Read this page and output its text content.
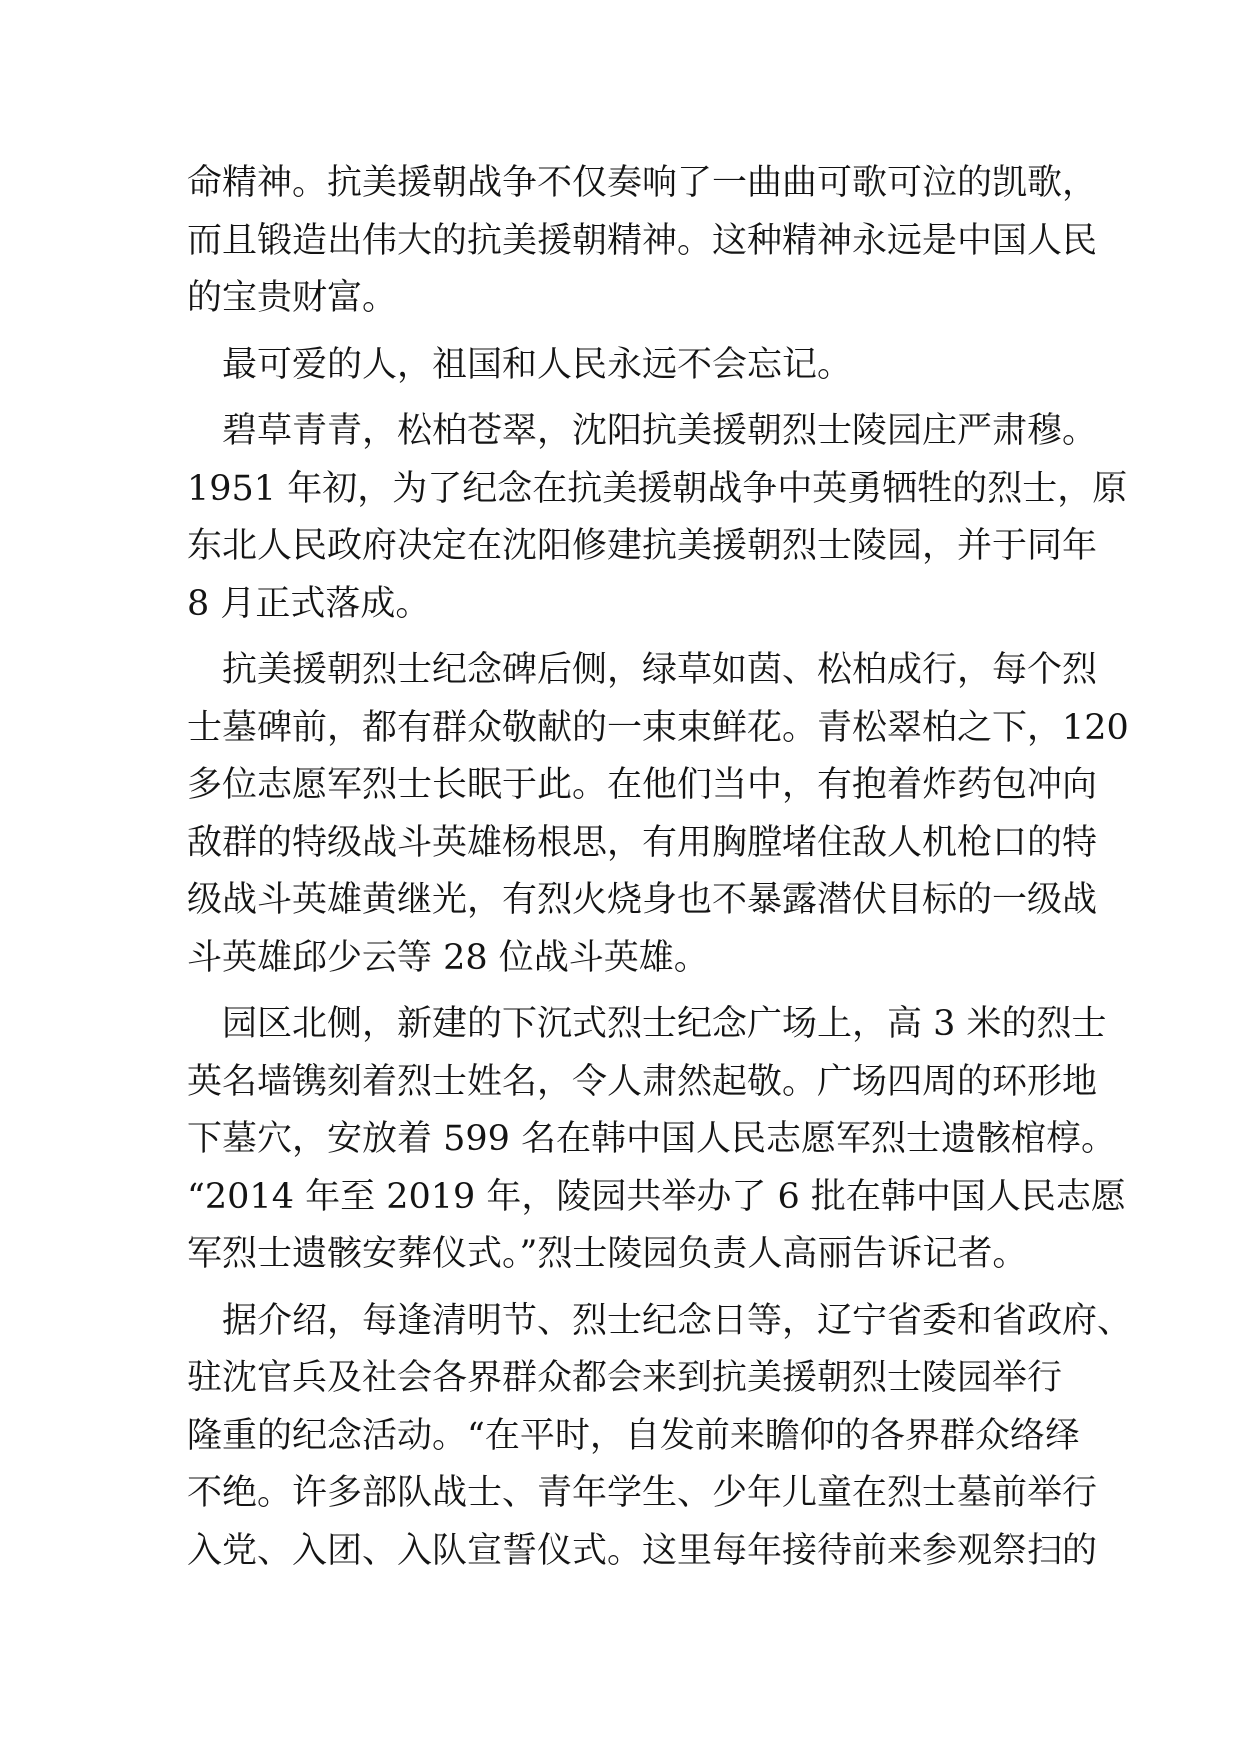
命精神。抗美援朝战争不仅奏响了一曲曲可歌可泣的凯歌，
而且锻造出伟大的抗美援朝精神。这种精神永远是中国人民
的宝贵财富。
最可爱的人，祖国和人民永远不会忘记。
碧草青青，松柏苍翠，沈阳抗美援朝烈士陵园庄严肃穆。
1951 年初，为了纪念在抗美援朝战争中英勇牺牲的烈士，原
东北人民政府决定在沈阳修建抗美援朝烈士陵园，并于同年
8 月正式落成。
抗美援朝烈士纪念碑后侧，绿草如茵、松柏成行，每个烈
士墓碑前，都有群众敬献的一束束鲜花。青松翠柏之下，120
多位志愿军烈士长眠于此。在他们当中，有抱着炸药包冲向
敌群的特级战斗英雄杨根思，有用胸膛堵住敌人机枪口的特
级战斗英雄黄继光，有烈火烧身也不暴露潜伏目标的一级战
斗英雄邱少云等 28 位战斗英雄。
园区北侧，新建的下沉式烈士纪念广场上，高 3 米的烈士
英名墙镌刻着烈士姓名，令人肃然起敬。广场四周的环形地
下墓穴，安放着 599 名在韩中国人民志愿军烈士遗骸棺椁。
“2014 年至 2019 年，陵园共举办了 6 批在韩中国人民志愿
军烈士遗骸安葬仪式。”烈士陵园负责人高丽告诉记者。
据介绍，每逢清明节、烈士纪念日等，辽宁省委和省政府、
驻沈官兵及社会各界群众都会来到抗美援朝烈士陵园举行
隆重的纪念活动。“在平时，自发前来瞻仰的各界群众络绎
不绝。许多部队战士、青年学生、少年儿童在烈士墓前举行
入党、入团、入队宣誓仪式。这里每年接待前来参观祭扫的
